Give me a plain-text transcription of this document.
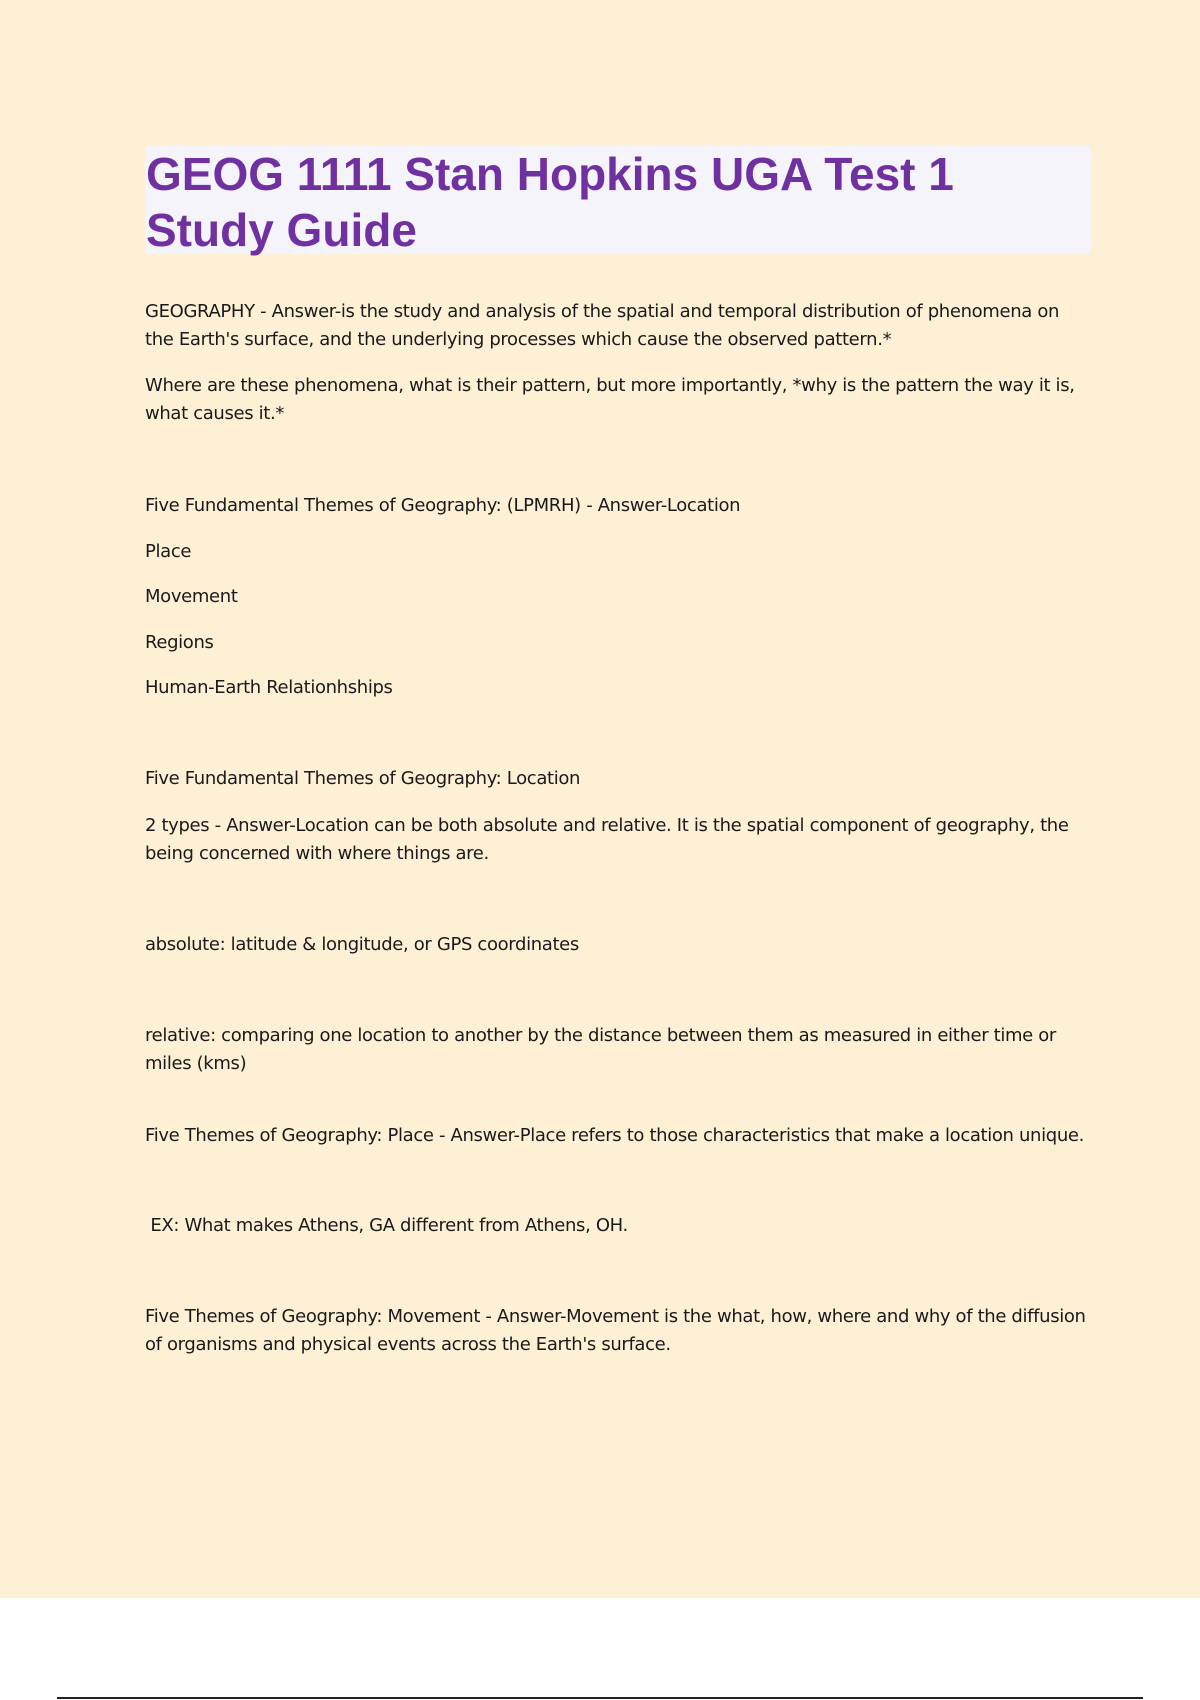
GEOG 1111 Stan Hopkins UGA Test 1 Study Guide

GEOGRAPHY - Answer-is the study and analysis of the spatial and temporal distribution of phenomena on the Earth's surface, and the underlying processes which cause the observed pattern.*

Where are these phenomena, what is their pattern, but more importantly, *why is the pattern the way it is, what causes it.*

Five Fundamental Themes of Geography: (LPMRH) - Answer-Location

Place

Movement

Regions

Human-Earth Relationhships

Five Fundamental Themes of Geography: Location

2 types - Answer-Location can be both absolute and relative. It is the spatial component of geography, the being concerned with where things are.

absolute: latitude & longitude, or GPS coordinates

relative: comparing one location to another by the distance between them as measured in either time or miles (kms)

Five Themes of Geography: Place - Answer-Place refers to those characteristics that make a location unique.

EX: What makes Athens, GA different from Athens, OH.

Five Themes of Geography: Movement - Answer-Movement is the what, how, where and why of the diffusion of organisms and physical events across the Earth's surface.
